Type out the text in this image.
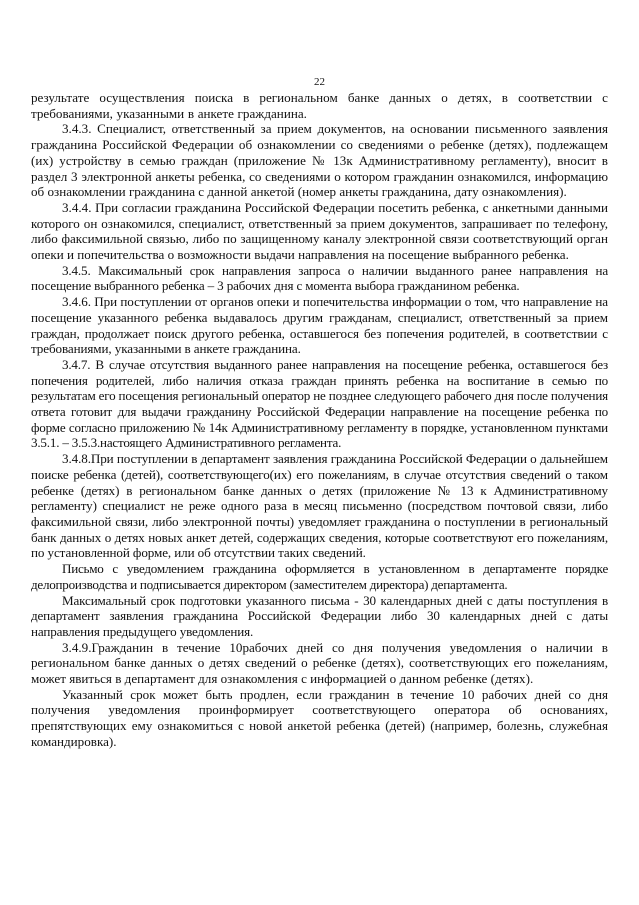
22

результате осуществления поиска в региональном банке данных о детях, в соответствии с требованиями, указанными в анкете гражданина.

3.4.3. Специалист, ответственный за прием документов, на основании письменного заявления гражданина Российской Федерации об ознакомлении со сведениями о ребенке (детях), подлежащем (их) устройству в семью граждан (приложение № 13к Административному регламенту), вносит в раздел 3 электронной анкеты ребенка, со сведениями о котором гражданин ознакомился, информацию об ознакомлении гражданина с данной анкетой (номер анкеты гражданина, дату ознакомления).

3.4.4. При согласии гражданина Российской Федерации посетить ребенка, с анкетными данными которого он ознакомился, специалист, ответственный за прием документов, запрашивает по телефону, либо факсимильной связью, либо по защищенному каналу электронной связи соответствующий орган опеки и попечительства о возможности выдачи направления на посещение выбранного ребенка.

3.4.5. Максимальный срок направления запроса о наличии выданного ранее направления на посещение выбранного ребенка – 3 рабочих дня с момента выбора гражданином ребенка.

3.4.6. При поступлении от органов опеки и попечительства информации о том, что направление на посещение указанного ребенка выдавалось другим гражданам, специалист, ответственный за прием граждан, продолжает поиск другого ребенка, оставшегося без попечения родителей, в соответствии с требованиями, указанными в анкете гражданина.

3.4.7. В случае отсутствия выданного ранее направления на посещение ребенка, оставшегося без попечения родителей, либо наличия отказа граждан принять ребенка на воспитание в семью по результатам его посещения региональный оператор не позднее следующего рабочего дня после получения ответа готовит для выдачи гражданину Российской Федерации направление на посещение ребенка по форме согласно приложению № 14к Административному регламенту в порядке, установленном пунктами 3.5.1. – 3.5.3.настоящего Административного регламента.

3.4.8.При поступлении в департамент заявления гражданина Российской Федерации о дальнейшем поиске ребенка (детей), соответствующего(их) его пожеланиям, в случае отсутствия сведений о таком ребенке (детях) в региональном банке данных о детях (приложение № 13 к Административному регламенту) специалист не реже одного раза в месяц письменно (посредством почтовой связи, либо факсимильной связи, либо электронной почты) уведомляет гражданина о поступлении в региональный банк данных о детях новых анкет детей, содержащих сведения, которые соответствуют его пожеланиям, по установленной форме, или об отсутствии таких сведений.

Письмо с уведомлением гражданина оформляется в установленном в департаменте порядке делопроизводства и подписывается директором (заместителем директора) департамента.

Максимальный срок подготовки указанного письма - 30 календарных дней с даты поступления в департамент заявления гражданина Российской Федерации либо 30 календарных дней с даты направления предыдущего уведомления.

3.4.9.Гражданин в течение 10рабочих дней со дня получения уведомления о наличии в региональном банке данных о детях сведений о ребенке (детях), соответствующих его пожеланиям, может явиться в департамент для ознакомления с информацией о данном ребенке (детях).

Указанный срок может быть продлен, если гражданин в течение 10 рабочих дней со дня получения уведомления проинформирует соответствующего оператора об основаниях, препятствующих ему ознакомиться с новой анкетой ребенка (детей) (например, болезнь, служебная командировка).
